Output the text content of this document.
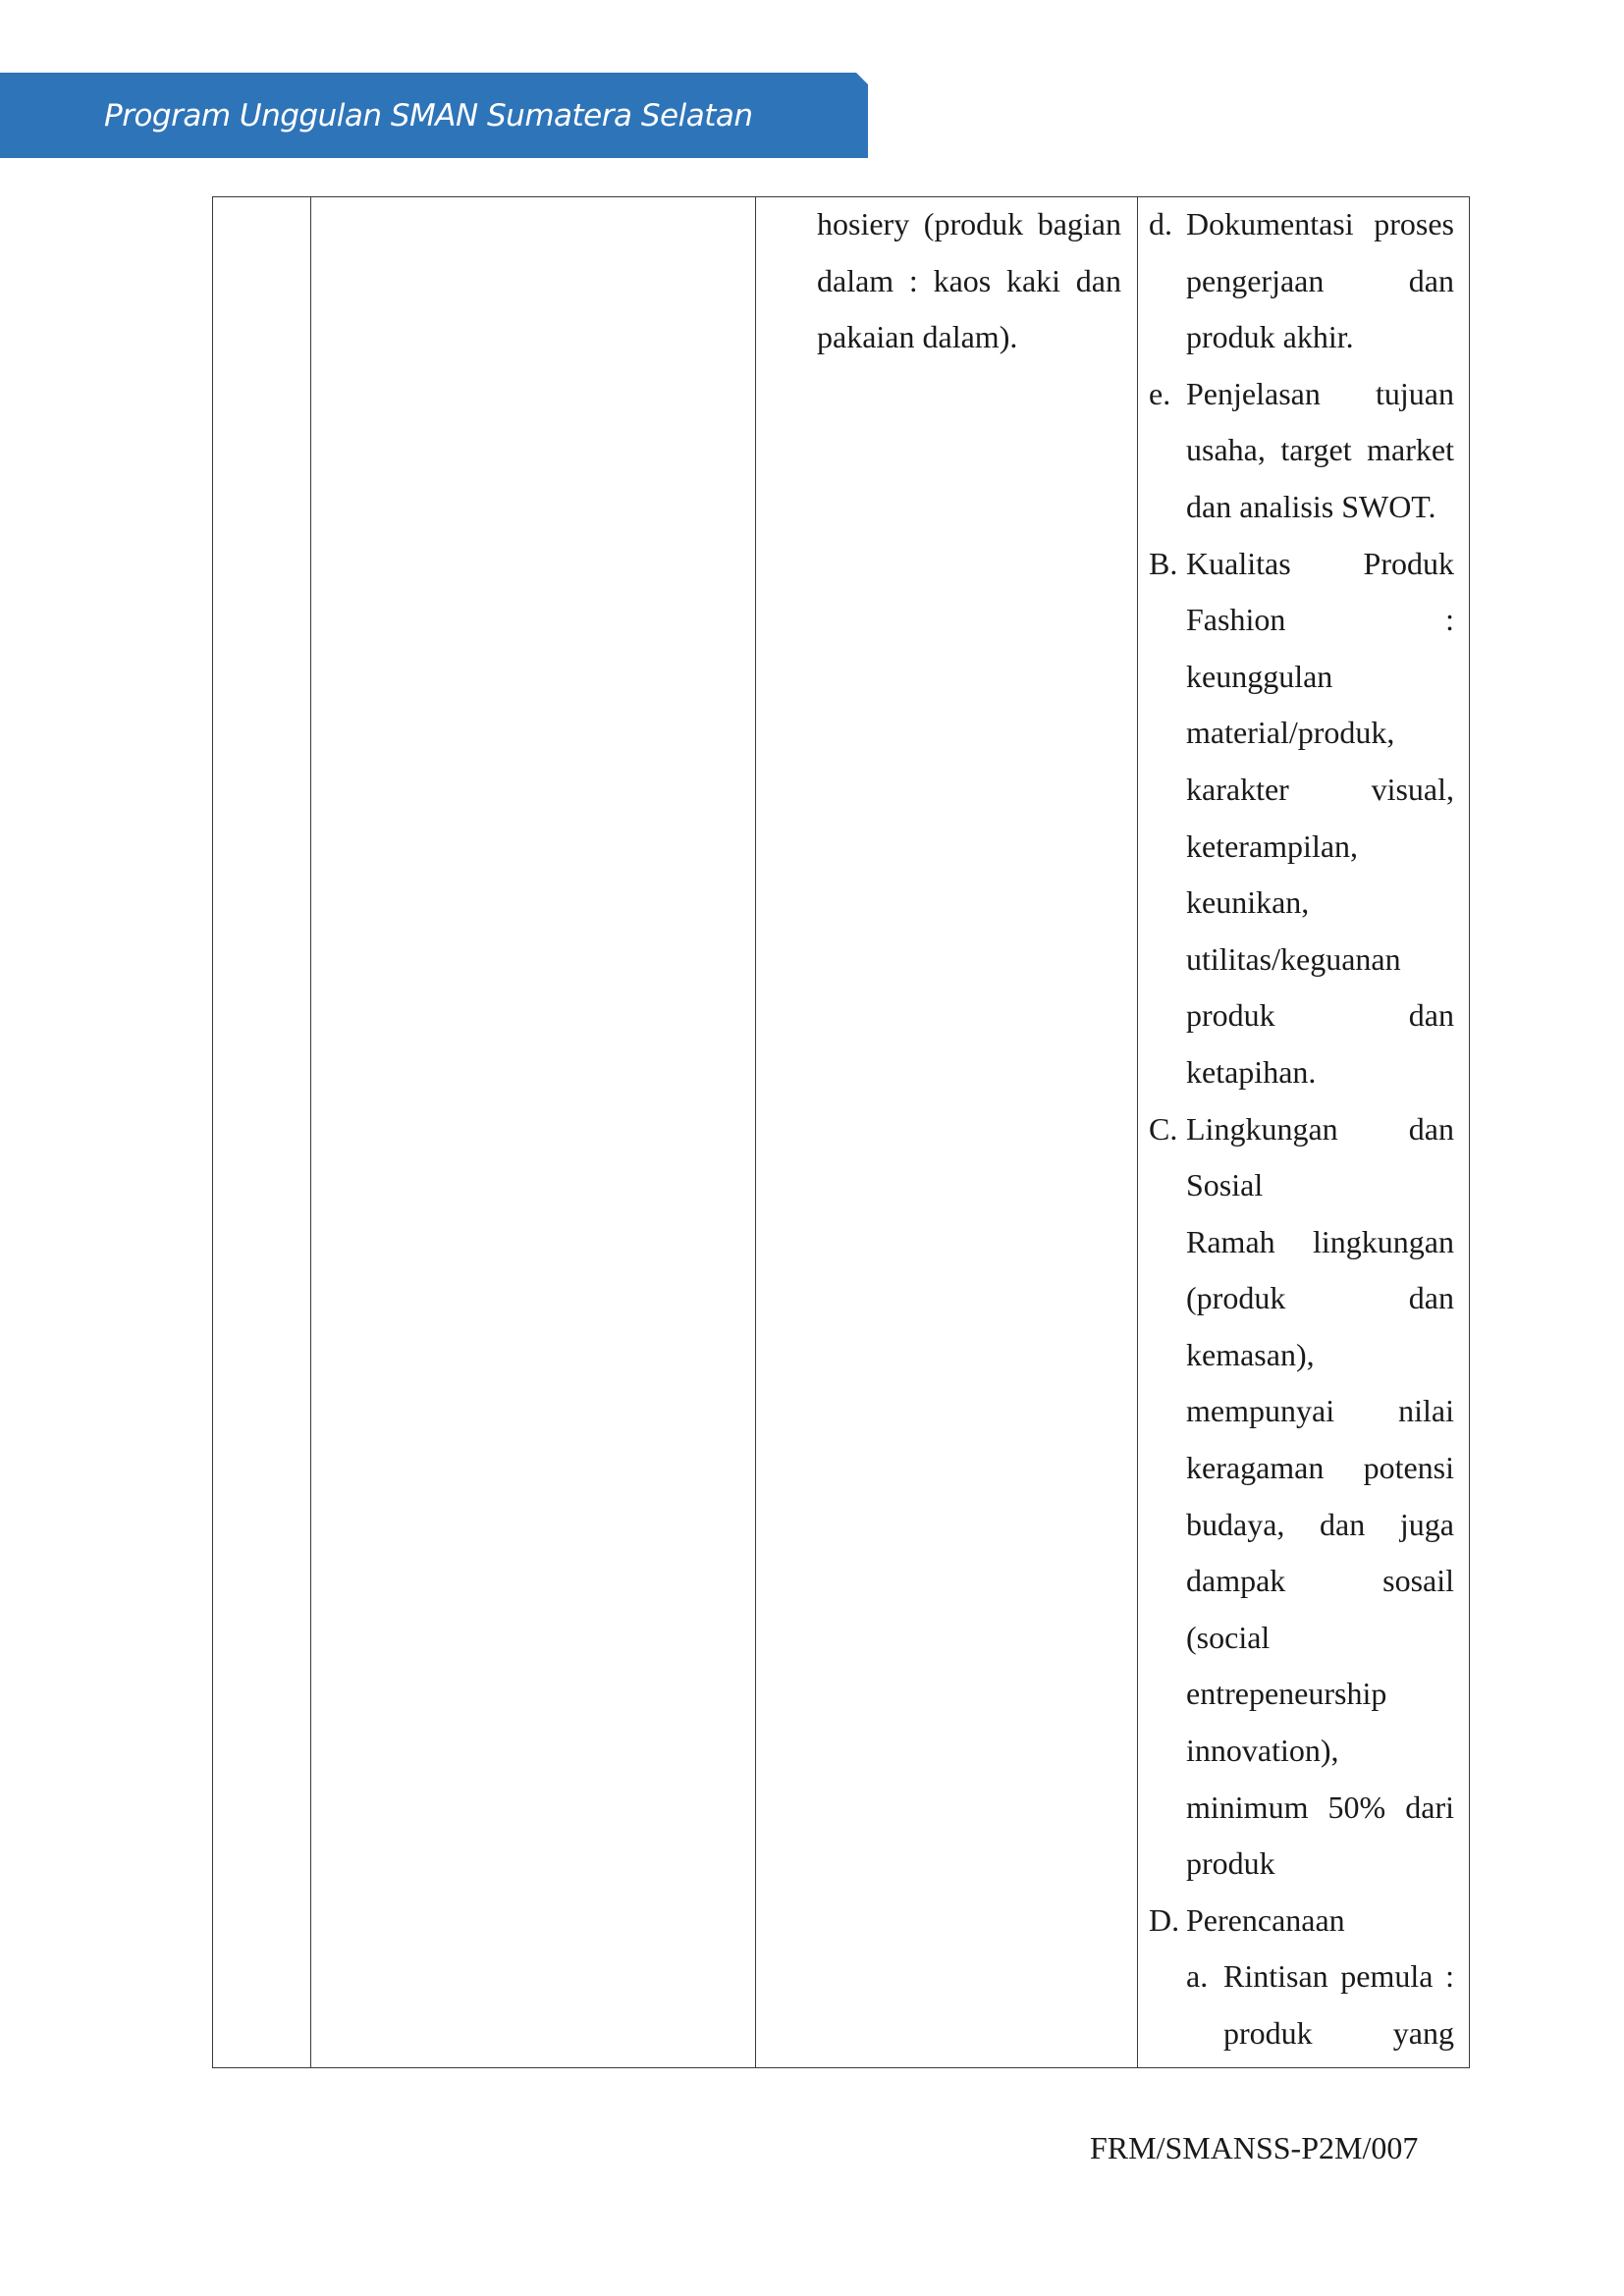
Program Unggulan SMAN Sumatera Selatan
hosiery (produk bagian
dalam : kaos kaki dan
pakaian dalam).
d. Dokumentasi proses
pengerjaan dan
produk akhir.
e. Penjelasan tujuan
usaha, target market
dan analisis SWOT.
B. Kualitas Produk
Fashion :
keunggulan
material/produk,
karakter visual,
keterampilan,
keunikan,
utilitas/keguanan
produk dan
ketapihan.
C. Lingkungan dan
Sosial
Ramah lingkungan
(produk dan
kemasan),
mempunyai nilai
keragaman potensi
budaya, dan juga
dampak sosail
(social
entrepeneurship
innovation),
minimum 50% dari
produk
D. Perencanaan
a. Rintisan pemula :
produk yang
FRM/SMANSS-P2M/007
